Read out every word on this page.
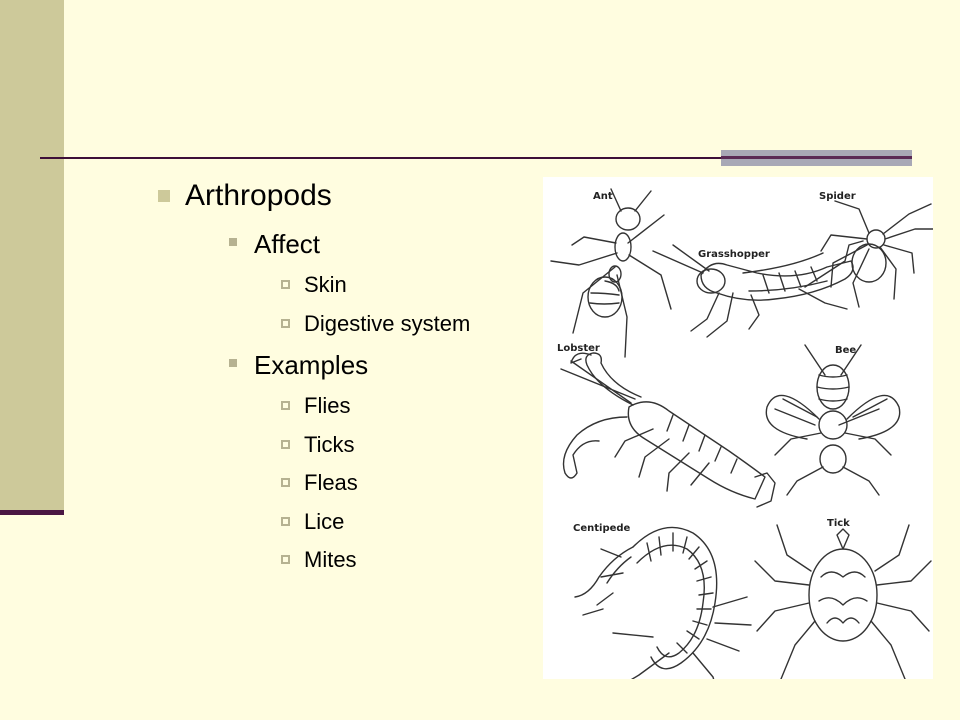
Arthropods
Affect
Skin
Digestive system
Examples
Flies
Ticks
Fleas
Lice
Mites
Ant	Spider
Grasshopper
Lobster	Bee
Centipede	Tick
